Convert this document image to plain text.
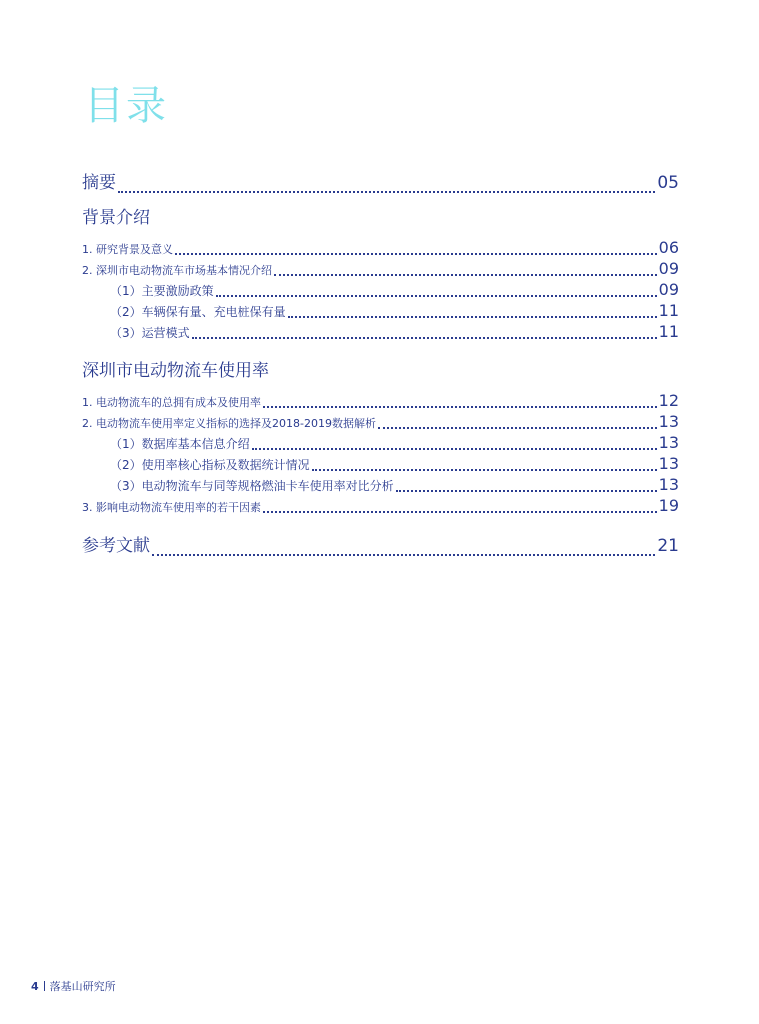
目录
摘要	05
背景介绍
1. 研究背景及意义	06
2. 深圳市电动物流车市场基本情况介绍	09
（1）主要激励政策	09
（2）车辆保有量、充电桩保有量	11
（3）运营模式	11
深圳市电动物流车使用率
1. 电动物流车的总拥有成本及使用率	12
2. 电动物流车使用率定义指标的选择及2018-2019数据解析	13
（1）数据库基本信息介绍	13
（2）使用率核心指标及数据统计情况	13
（3）电动物流车与同等规格燃油卡车使用率对比分析	13
3. 影响电动物流车使用率的若干因素	19
参考文献	21
4 落基山研究所
